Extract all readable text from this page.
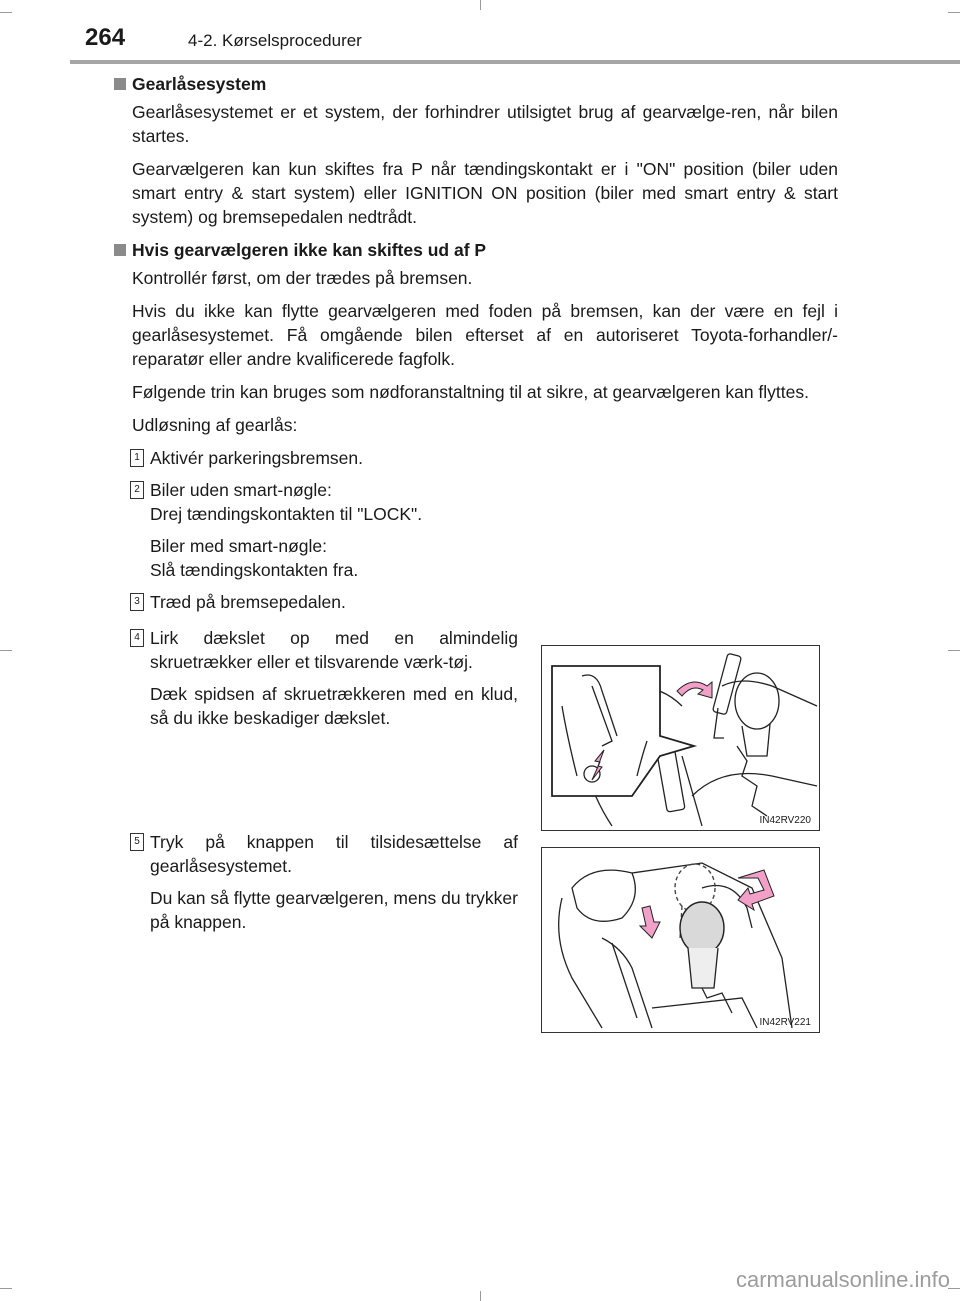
264	4-2. Kørselsprocedurer
Gearlåsesystem

Gearlåsesystemet er et system, der forhindrer utilsigtet brug af gearvælge-ren, når bilen startes.

Gearvælgeren kan kun skiftes fra P når tændingskontakt er i "ON" position (biler uden smart entry & start system) eller IGNITION ON position (biler med smart entry & start system) og bremsepedalen nedtrådt.

Hvis gearvælgeren ikke kan skiftes ud af P

Kontrollér først, om der trædes på bremsen.

Hvis du ikke kan flytte gearvælgeren med foden på bremsen, kan der være en fejl i gearlåsesystemet. Få omgående bilen efterset af en autoriseret Toyota-forhandler/-reparatør eller andre kvalificerede fagfolk.

Følgende trin kan bruges som nødforanstaltning til at sikre, at gearvælgeren kan flyttes.

Udløsning af gearlås:

1 Aktivér parkeringsbremsen.
2 Biler uden smart-nøgle:
Drej tændingskontakten til "LOCK".
Biler med smart-nøgle:
Slå tændingskontakten fra.
3 Træd på bremsepedalen.
4 Lirk dækslet op med en almindelig skruetrækker eller et tilsvarende værk-tøj.
Dæk spidsen af skruetrækkeren med en klud, så du ikke beskadiger dækslet.
5 Tryk på knappen til tilsidesættelse af gearlåsesystemet.
Du kan så flytte gearvælgeren, mens du trykker på knappen.
IN42RV220
IN42RV221
carmanualsonline.info
